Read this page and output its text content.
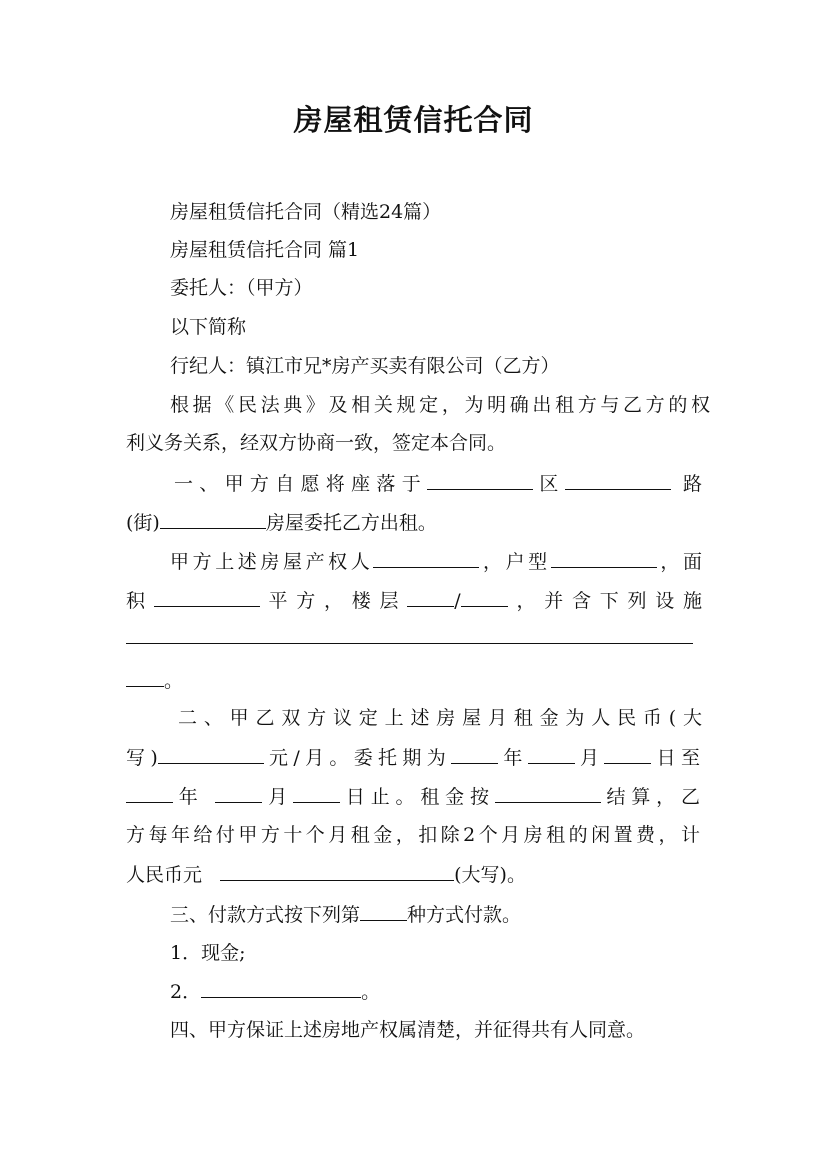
房屋租赁信托合同
房屋租赁信托合同（精选24篇）
房屋租赁信托合同 篇1
委托人：（甲方）
以下简称
行纪人：镇江市兄*房产买卖有限公司（乙方）
根据《民法典》及相关规定，为明确出租方与乙方的权
利义务关系，经双方协商一致，签定本合同。
一、甲方自愿将座落于	区	路
(街)	房屋委托乙方出租。
甲方上述房屋产权人	，户型	，面
积	平方，楼层 / ，并含下列设施
。
二、甲乙双方议定上述房屋月租金为人民币(大
写)	元/月。委托期为 年 月 日至
年	月 日止。租金按	结算，乙
方每年给付甲方十个月租金，扣除2个月房租的闲置费，计
人民币元	(大写)。
三、付款方式按下列第 种方式付款。
1．现金;
2．	。
四、甲方保证上述房地产权属清楚，并征得共有人同意。
